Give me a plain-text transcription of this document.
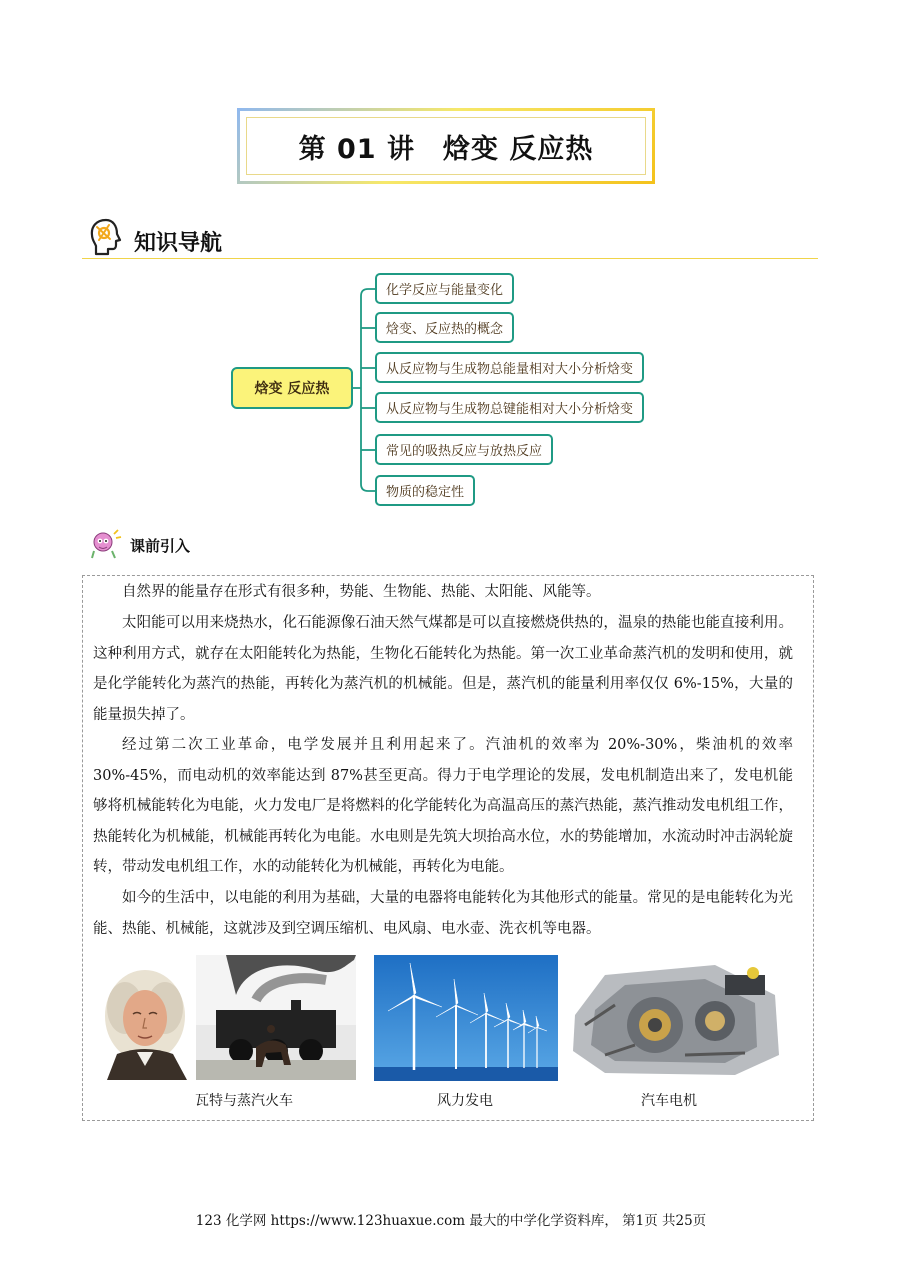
第 01 讲　焓变 反应热
知识导航
焓变 反应热
化学反应与能量变化
焓变、反应热的概念
从反应物与生成物总能量相对大小分析焓变
从反应物与生成物总键能相对大小分析焓变
常见的吸热反应与放热反应
物质的稳定性
课前引入

自然界的能量存在形式有很多种，势能、生物能、热能、太阳能、风能等。

太阳能可以用来烧热水，化石能源像石油天然气煤都是可以直接燃烧供热的，温泉的热能也能直接利用。这种利用方式，就存在太阳能转化为热能，生物化石能转化为热能。第一次工业革命蒸汽机的发明和使用，就是化学能转化为蒸汽的热能，再转化为蒸汽机的机械能。但是，蒸汽机的能量利用率仅仅 6%-15%，大量的能量损失掉了。

经过第二次工业革命，电学发展并且利用起来了。汽油机的效率为 20%-30%，柴油机的效率 30%-45%，而电动机的效率能达到 87%甚至更高。得力于电学理论的发展，发电机制造出来了，发电机能够将机械能转化为电能，火力发电厂是将燃料的化学能转化为高温高压的蒸汽热能，蒸汽推动发电机组工作，热能转化为机械能，机械能再转化为电能。水电则是先筑大坝抬高水位，水的势能增加，水流动时冲击涡轮旋转，带动发电机组工作，水的动能转化为机械能，再转化为电能。

如今的生活中，以电能的利用为基础，大量的电器将电能转化为其他形式的能量。常见的是电能转化为光能、热能、机械能，这就涉及到空调压缩机、电风扇、电水壶、洗衣机等电器。

瓦特与蒸汽火车	风力发电	汽车电机
123 化学网 https://www.123huaxue.com 最大的中学化学资料库， 第1页 共25页
